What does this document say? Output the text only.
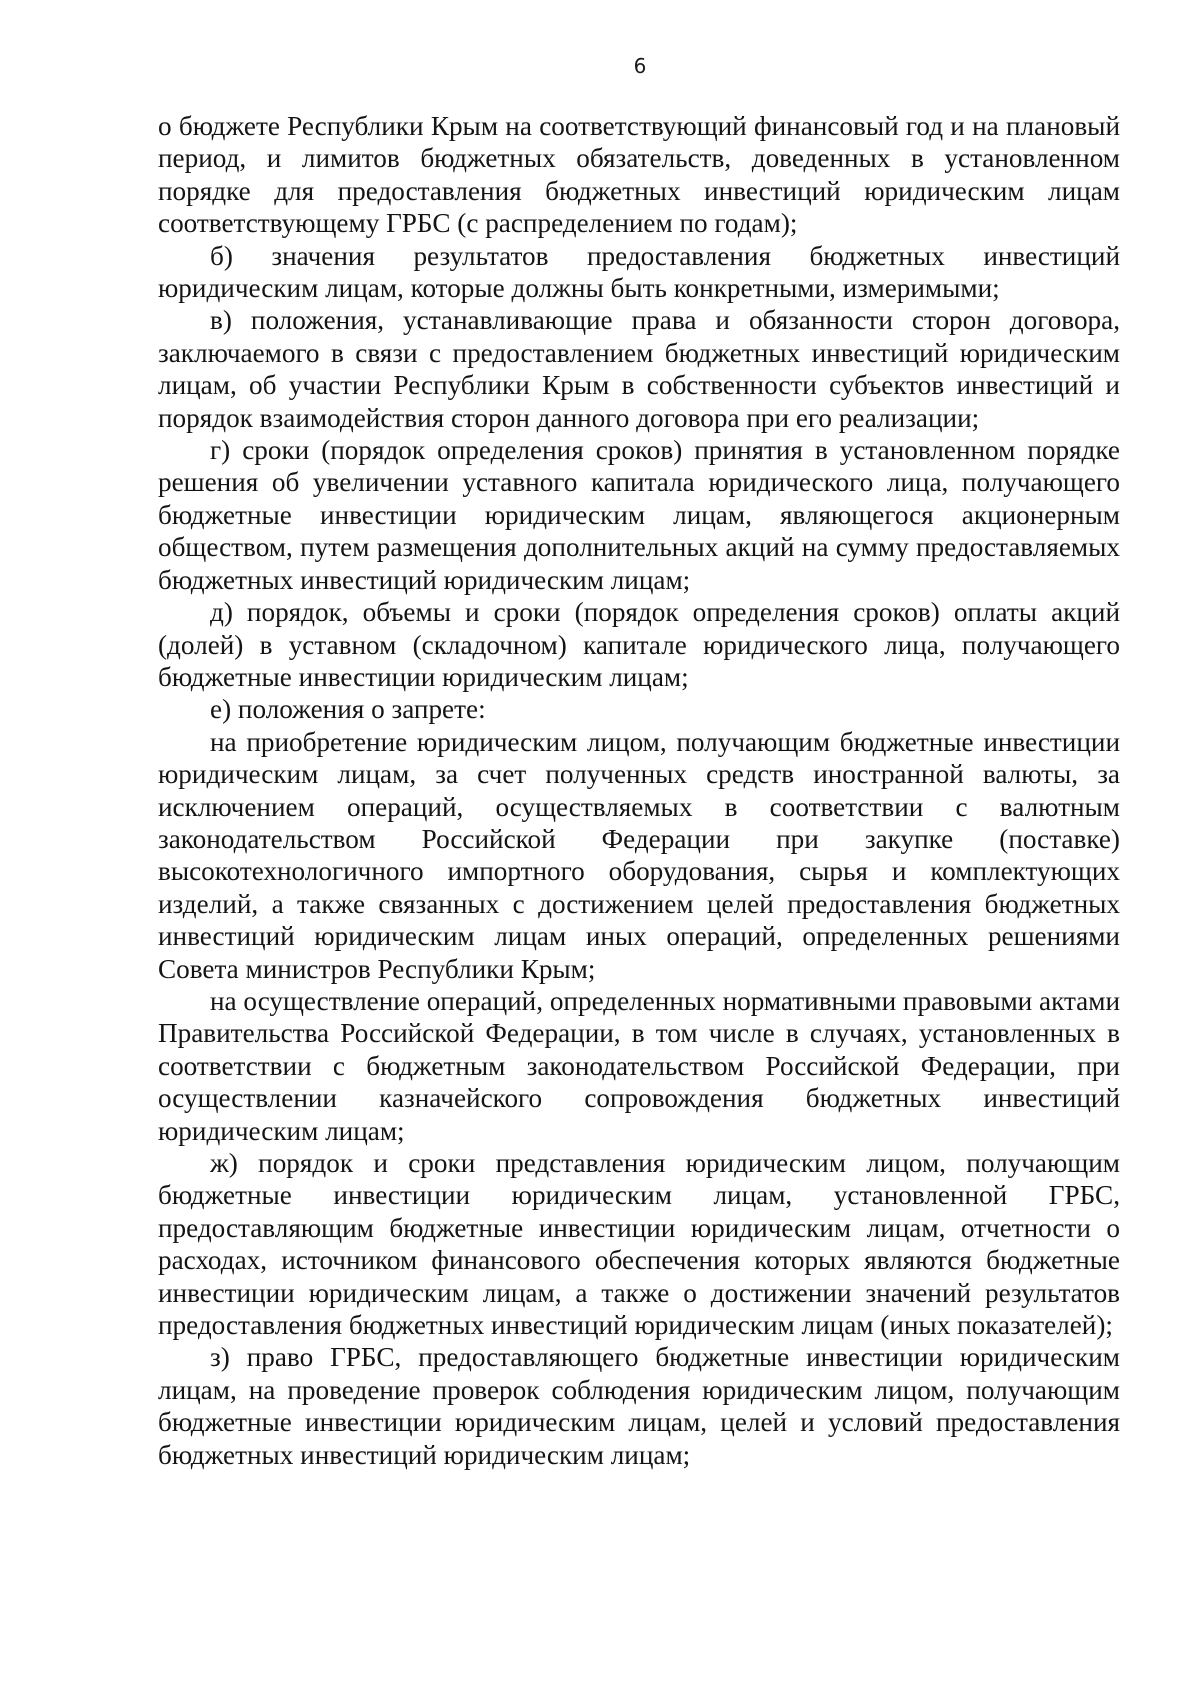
6

о бюджете Республики Крым на соответствующий финансовый год и на плановый период, и лимитов бюджетных обязательств, доведенных в установленном порядке для предоставления бюджетных инвестиций юридическим лицам соответствующему ГРБС (с распределением по годам);

б) значения результатов предоставления бюджетных инвестиций юридическим лицам, которые должны быть конкретными, измеримыми;

в) положения, устанавливающие права и обязанности сторон договора, заключаемого в связи с предоставлением бюджетных инвестиций юридическим лицам, об участии Республики Крым в собственности субъектов инвестиций и порядок взаимодействия сторон данного договора при его реализации;

г) сроки (порядок определения сроков) принятия в установленном порядке решения об увеличении уставного капитала юридического лица, получающего бюджетные инвестиции юридическим лицам, являющегося акционерным обществом, путем размещения дополнительных акций на сумму предоставляемых бюджетных инвестиций юридическим лицам;

д) порядок, объемы и сроки (порядок определения сроков) оплаты акций (долей) в уставном (складочном) капитале юридического лица, получающего бюджетные инвестиции юридическим лицам;

е) положения о запрете:

на приобретение юридическим лицом, получающим бюджетные инвестиции юридическим лицам, за счет полученных средств иностранной валюты, за исключением операций, осуществляемых в соответствии с валютным законодательством Российской Федерации при закупке (поставке) высокотехнологичного импортного оборудования, сырья и комплектующих изделий, а также связанных с достижением целей предоставления бюджетных инвестиций юридическим лицам иных операций, определенных решениями Совета министров Республики Крым;

на осуществление операций, определенных нормативными правовыми актами Правительства Российской Федерации, в том числе в случаях, установленных в соответствии с бюджетным законодательством Российской Федерации, при осуществлении казначейского сопровождения бюджетных инвестиций юридическим лицам;

ж) порядок и сроки представления юридическим лицом, получающим бюджетные инвестиции юридическим лицам, установленной ГРБС, предоставляющим бюджетные инвестиции юридическим лицам, отчетности о расходах, источником финансового обеспечения которых являются бюджетные инвестиции юридическим лицам, а также о достижении значений результатов предоставления бюджетных инвестиций юридическим лицам (иных показателей);

з) право ГРБС, предоставляющего бюджетные инвестиции юридическим лицам, на проведение проверок соблюдения юридическим лицом, получающим бюджетные инвестиции юридическим лицам, целей и условий предоставления бюджетных инвестиций юридическим лицам;
